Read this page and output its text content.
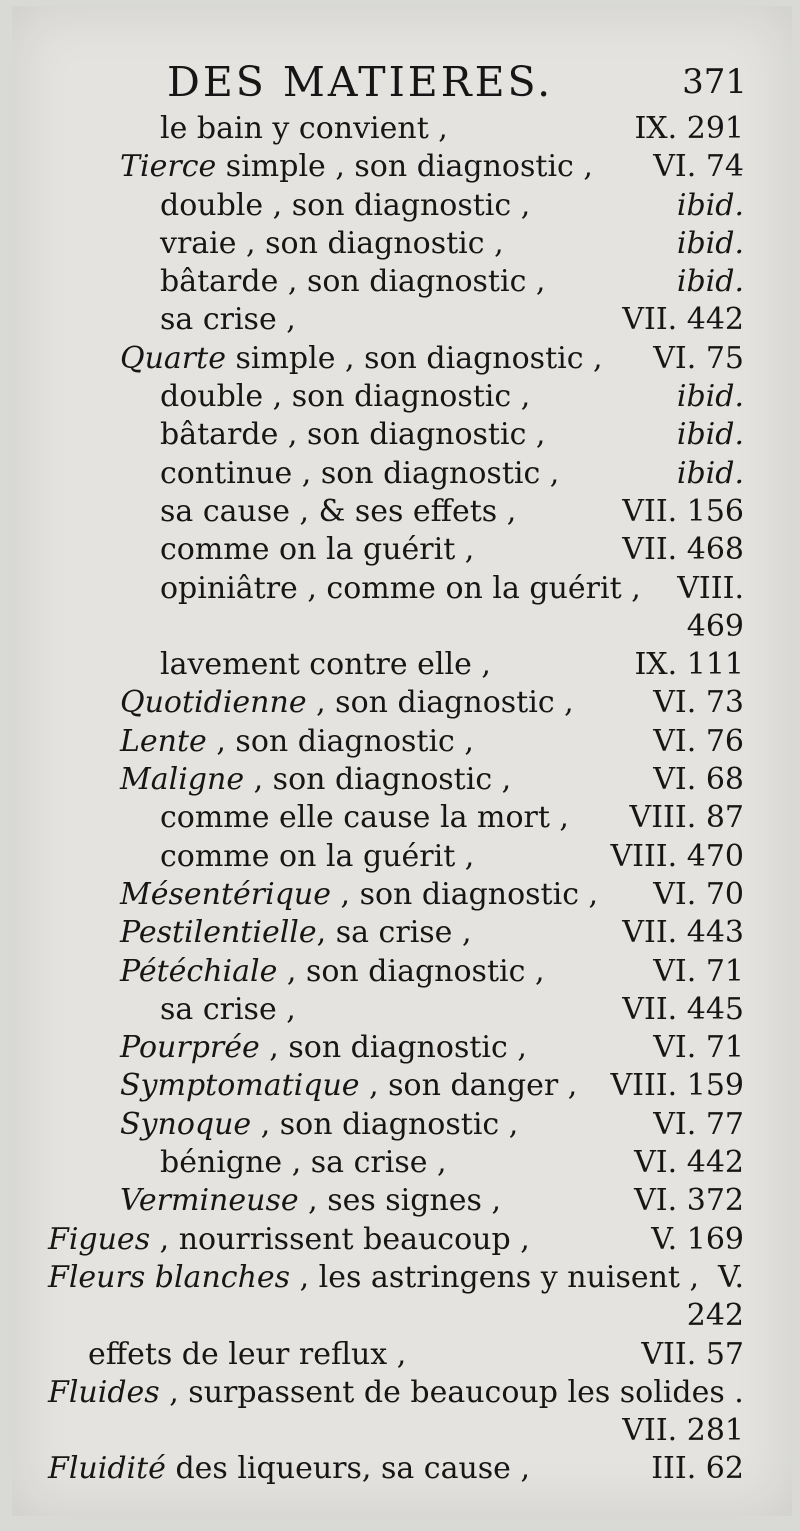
DES MATIERES.	371
le bain y convient ,	IX. 291
Tierce simple , son diagnostic , VI. 74
double , son diagnostic ,	ibid.
vraie , son diagnostic ,	ibid.
bâtarde , son diagnostic ,	ibid.
sa crise ,	VII. 442
Quarte simple , son diagnostic , VI. 75
double , son diagnostic ,	ibid.
bâtarde , son diagnostic ,	ibid.
continue , son diagnostic ,	ibid.
sa cause , & ses effets ,	VII. 156
comme on la guérit ,	VII. 468
opiniâtre , comme on la guérit , VIII.
469
lavement contre elle ,	IX. 111
Quotidienne , son diagnostic ,	VI. 73
Lente , son diagnostic ,	VI. 76
Maligne , son diagnostic ,	VI. 68
comme elle cause la mort , VIII. 87
comme on la guérit ,	VIII. 470
Mésentérique , son diagnostic , VI. 70
Pestilentielle, sa crise ,	VII. 443
Pétéchiale , son diagnostic ,	VI. 71
sa crise ,	VII. 445
Pourprée , son diagnostic ,	VI. 71
Symptomatique , son danger , VIII. 159
Synoque , son diagnostic ,	VI. 77
bénigne , sa crise ,	VI. 442
Vermineuse , ses signes ,	VI. 372
Figues , nourrissent beaucoup ,	V. 169
Fleurs blanches , les astringens y nuisent , V.
242
effets de leur reflux ,	VII. 57
Fluides , surpassent de beaucoup les solides .
VII. 281
Fluidité des liqueurs, sa cause ,	III. 62
